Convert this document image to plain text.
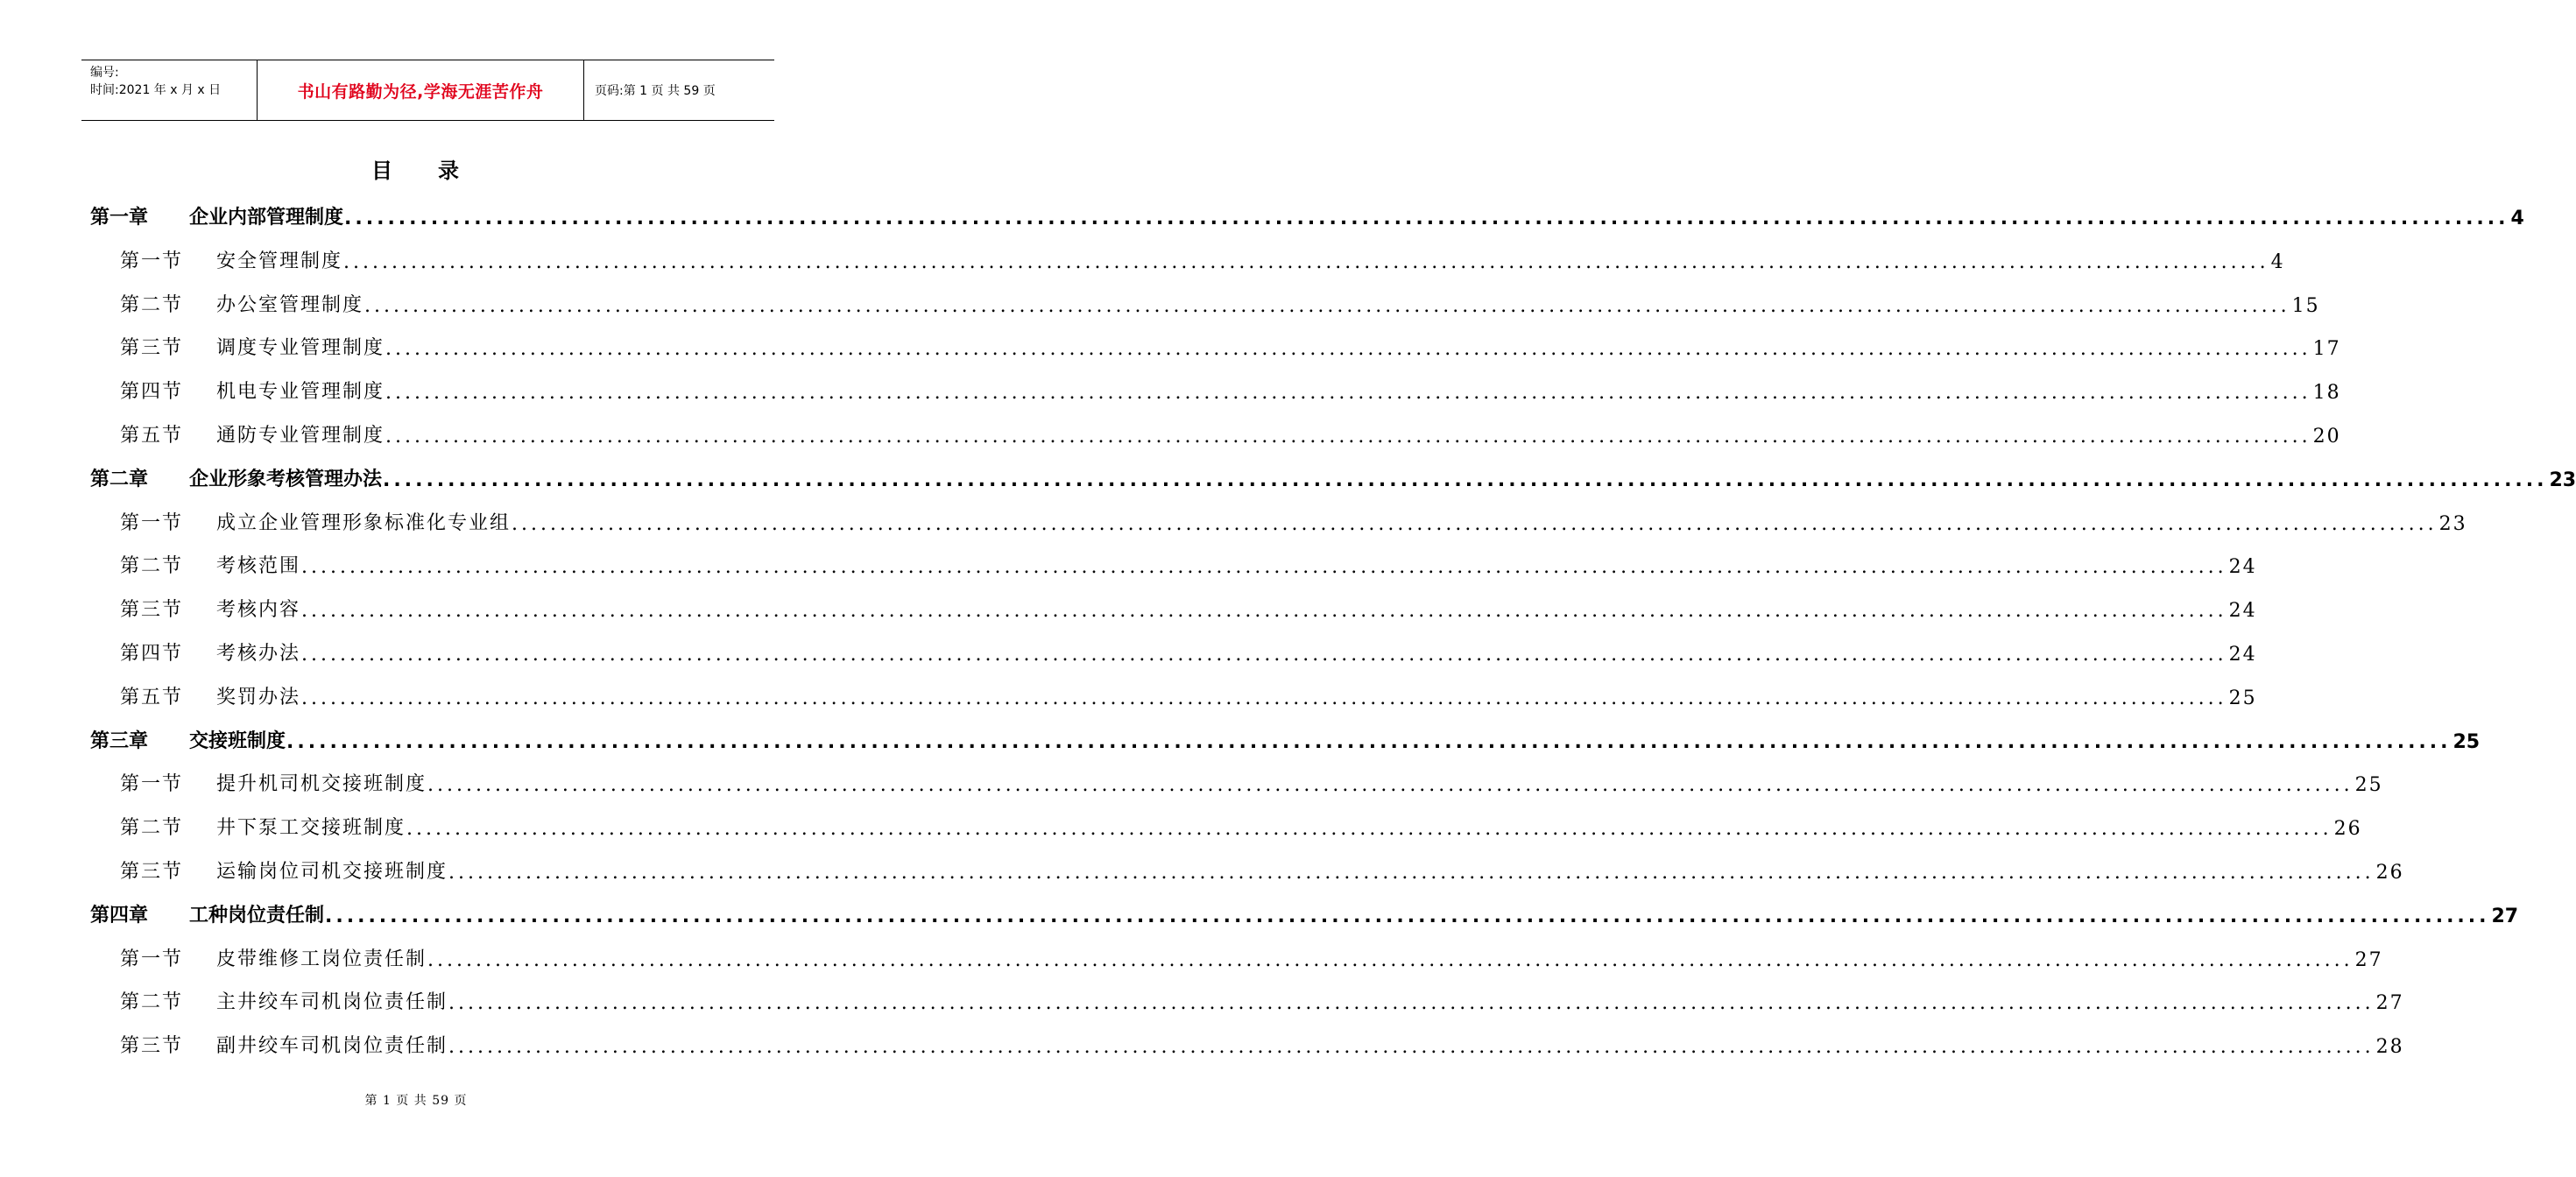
编号:
时间:2021 年 x 月 x 日	书山有路勤为径,学海无涯苦作舟	页码:第 1 页 共 59 页
目 录
第一章	企业内部管理制度 ........................................................................................................................................................................................................ 4
第一节	安全管理制度 ........................................................................................................................................................................................................ 4
第二节	办公室管理制度 ........................................................................................................................................................................................................ 15
第三节	调度专业管理制度 ........................................................................................................................................................................................................ 17
第四节	机电专业管理制度 ........................................................................................................................................................................................................ 18
第五节	通防专业管理制度 ........................................................................................................................................................................................................ 20
第二章	企业形象考核管理办法 ........................................................................................................................................................................................................ 23
第一节	成立企业管理形象标准化专业组 ........................................................................................................................................................................................................ 23
第二节	考核范围 ........................................................................................................................................................................................................ 24
第三节	考核内容 ........................................................................................................................................................................................................ 24
第四节	考核办法 ........................................................................................................................................................................................................ 24
第五节	奖罚办法 ........................................................................................................................................................................................................ 25
第三章	交接班制度 ........................................................................................................................................................................................................ 25
第一节	提升机司机交接班制度 ........................................................................................................................................................................................................ 25
第二节	井下泵工交接班制度 ........................................................................................................................................................................................................ 26
第三节	运输岗位司机交接班制度 ........................................................................................................................................................................................................ 26
第四章	工种岗位责任制 ........................................................................................................................................................................................................ 27
第一节	皮带维修工岗位责任制 ........................................................................................................................................................................................................ 27
第二节	主井绞车司机岗位责任制 ........................................................................................................................................................................................................ 27
第三节	副井绞车司机岗位责任制 ........................................................................................................................................................................................................ 28
第 1 页 共 59 页
